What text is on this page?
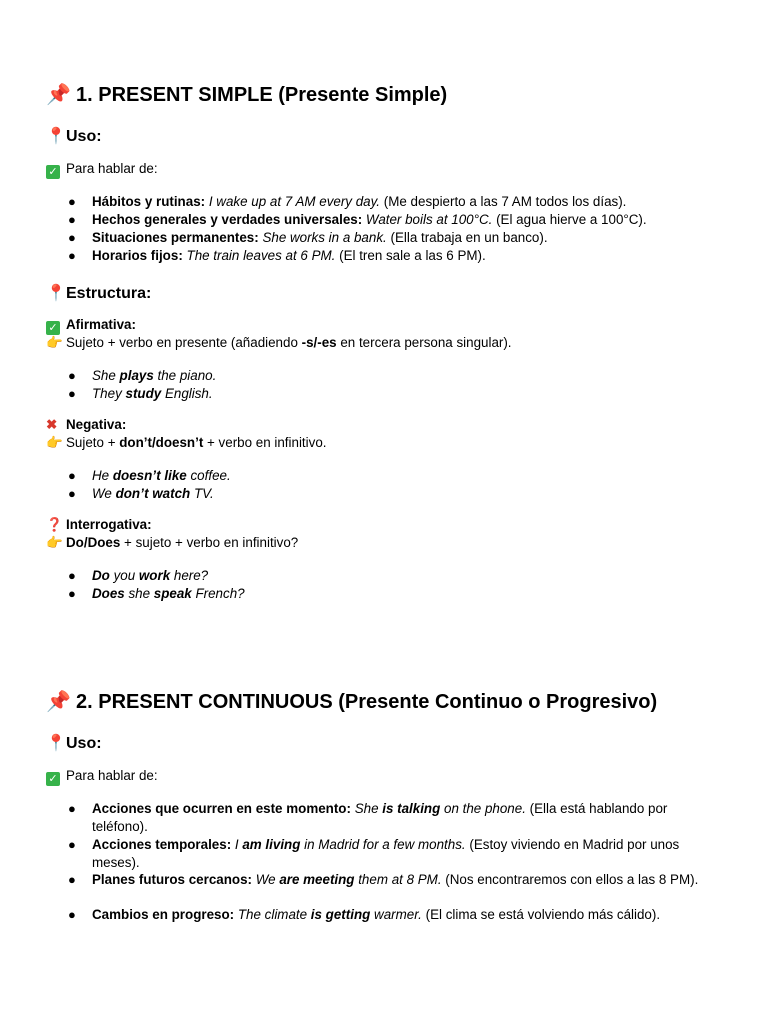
📌 1. PRESENT SIMPLE (Presente Simple)
📍Uso:
✓ Para hablar de:
● Hábitos y rutinas: I wake up at 7 AM every day. (Me despierto a las 7 AM todos los días).
● Hechos generales y verdades universales: Water boils at 100°C. (El agua hierve a 100°C).
● Situaciones permanentes: She works in a bank. (Ella trabaja en un banco).
● Horarios fijos: The train leaves at 6 PM. (El tren sale a las 6 PM).
📍Estructura:
✓ Afirmativa:
👉 Sujeto + verbo en presente (añadiendo -s/-es en tercera persona singular).
● She plays the piano.
● They study English.
✖ Negativa:
👉 Sujeto + don’t/doesn’t + verbo en infinitivo.
● He doesn’t like coffee.
● We don’t watch TV.
❓ Interrogativa:
👉 Do/Does + sujeto + verbo en infinitivo?
● Do you work here?
● Does she speak French?
📌 2. PRESENT CONTINUOUS (Presente Continuo o Progresivo)
📍Uso:
✓ Para hablar de:
● Acciones que ocurren en este momento: She is talking on the phone. (Ella está hablando por teléfono).
● Acciones temporales: I am living in Madrid for a few months. (Estoy viviendo en Madrid por unos meses).
● Planes futuros cercanos: We are meeting them at 8 PM. (Nos encontraremos con ellos a las 8 PM).
● Cambios en progreso: The climate is getting warmer. (El clima se está volviendo más cálido).
